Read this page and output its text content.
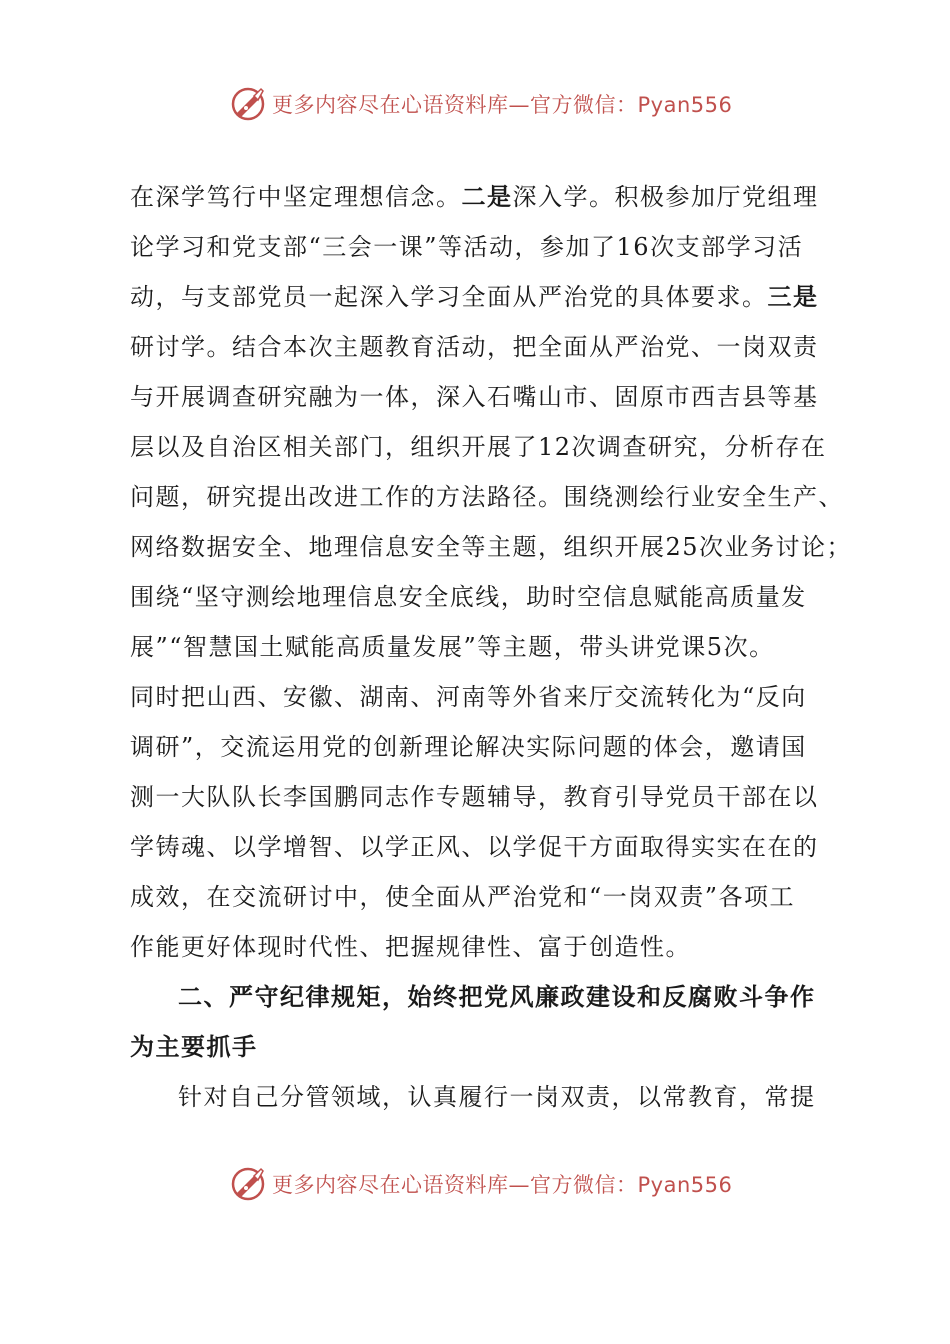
更多内容尽在心语资料库—官方微信：Pyan556
在深学笃行中坚定理想信念。二是深入学。积极参加厅党组理
论学习和党支部“三会一课”等活动，参加了16次支部学习活
动，与支部党员一起深入学习全面从严治党的具体要求。三是
研讨学。结合本次主题教育活动，把全面从严治党、一岗双责
与开展调查研究融为一体，深入石嘴山市、固原市西吉县等基
层以及自治区相关部门，组织开展了12次调查研究，分析存在
问题，研究提出改进工作的方法路径。围绕测绘行业安全生产、
网络数据安全、地理信息安全等主题，组织开展25次业务讨论；
围绕“坚守测绘地理信息安全底线，助时空信息赋能高质量发
展”“智慧国土赋能高质量发展”等主题，带头讲党课5次。
同时把山西、安徽、湖南、河南等外省来厅交流转化为“反向
调研”，交流运用党的创新理论解决实际问题的体会，邀请国
测一大队队长李国鹏同志作专题辅导，教育引导党员干部在以
学铸魂、以学增智、以学正风、以学促干方面取得实实在在的
成效，在交流研讨中，使全面从严治党和“一岗双责”各项工
作能更好体现时代性、把握规律性、富于创造性。
二、严守纪律规矩，始终把党风廉政建设和反腐败斗争作
为主要抓手
针对自己分管领域，认真履行一岗双责，以常教育，常提
更多内容尽在心语资料库—官方微信：Pyan556
